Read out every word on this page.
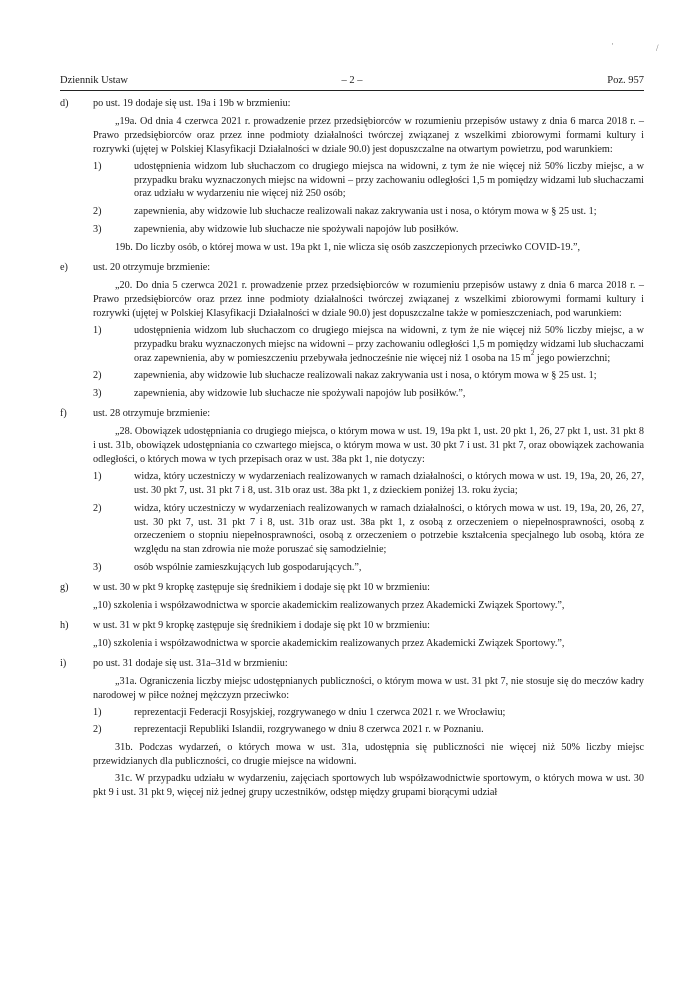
·	/
Dziennik Ustaw	– 2 –	Poz. 957
d) po ust. 19 dodaje się ust. 19a i 19b w brzmieniu:
„19a. Od dnia 4 czerwca 2021 r. prowadzenie przez przedsiębiorców w rozumieniu przepisów ustawy z dnia 6 marca 2018 r. – Prawo przedsiębiorców oraz przez inne podmioty działalności twórczej związanej z wszelkimi zbiorowymi formami kultury i rozrywki (ujętej w Polskiej Klasyfikacji Działalności w dziale 90.0) jest dopuszczalne na otwartym powietrzu, pod warunkiem:
1)	udostępnienia widzom lub słuchaczom co drugiego miejsca na widowni, z tym że nie więcej niż 50% liczby miejsc, a w przypadku braku wyznaczonych miejsc na widowni – przy zachowaniu odległości 1,5 m pomiędzy widzami lub słuchaczami oraz udziału w wydarzeniu nie więcej niż 250 osób;
2)	zapewnienia, aby widzowie lub słuchacze realizowali nakaz zakrywania ust i nosa, o którym mowa w § 25 ust. 1;
3)	zapewnienia, aby widzowie lub słuchacze nie spożywali napojów lub posiłków.
19b. Do liczby osób, o której mowa w ust. 19a pkt 1, nie wlicza się osób zaszczepionych przeciwko COVID-19.”,
e) ust. 20 otrzymuje brzmienie:
„20. Do dnia 5 czerwca 2021 r. prowadzenie przez przedsiębiorców w rozumieniu przepisów ustawy z dnia 6 marca 2018 r. – Prawo przedsiębiorców oraz przez inne podmioty działalności twórczej związanej z wszelkimi zbiorowymi formami kultury i rozrywki (ujętej w Polskiej Klasyfikacji Działalności w dziale 90.0) jest dopuszczalne także w pomieszczeniach, pod warunkiem:
1)	udostępnienia widzom lub słuchaczom co drugiego miejsca na widowni, z tym że nie więcej niż 50% liczby miejsc, a w przypadku braku wyznaczonych miejsc na widowni – przy zachowaniu odległości 1,5 m pomiędzy widzami lub słuchaczami oraz zapewnienia, aby w pomieszczeniu przebywała jednocześnie nie więcej niż 1 osoba na 15 $m^2$ jego powierzchni;
2)	zapewnienia, aby widzowie lub słuchacze realizowali nakaz zakrywania ust i nosa, o którym mowa w § 25 ust. 1;
3)	zapewnienia, aby widzowie lub słuchacze nie spożywali napojów lub posiłków.”,
f)	ust. 28 otrzymuje brzmienie:
„28. Obowiązek udostępniania co drugiego miejsca, o którym mowa w ust. 19, 19a pkt 1, ust. 20 pkt 1, 26, 27 pkt 1, ust. 31 pkt 8 i ust. 31b, obowiązek udostępniania co czwartego miejsca, o którym mowa w ust. 30 pkt 7 i ust. 31 pkt 7, oraz obowiązek zachowania odległości, o których mowa w tych przepisach oraz w ust. 38a pkt 1, nie dotyczy:
1)	widza, który uczestniczy w wydarzeniach realizowanych w ramach działalności, o których mowa w ust. 19, 19a, 20, 26, 27, ust. 30 pkt 7, ust. 31 pkt 7 i 8, ust. 31b oraz ust. 38a pkt 1, z dzieckiem poniżej 13. roku życia;
2)	widza, który uczestniczy w wydarzeniach realizowanych w ramach działalności, o których mowa w ust. 19, 19a, 20, 26, 27, ust. 30 pkt 7, ust. 31 pkt 7 i 8, ust. 31b oraz ust. 38a pkt 1, z osobą z orzeczeniem o niepełnosprawności, osobą z orzeczeniem o stopniu niepełnosprawności, osobą z orzeczeniem o potrzebie kształcenia specjalnego lub osobą, która ze względu na stan zdrowia nie może poruszać się samodzielnie;
3)	osób wspólnie zamieszkujących lub gospodarujących.”,
g) w ust. 30 w pkt 9 kropkę zastępuje się średnikiem i dodaje się pkt 10 w brzmieniu:
„10) szkolenia i współzawodnictwa w sporcie akademickim realizowanych przez Akademicki Związek Sportowy.”,
h) w ust. 31 w pkt 9 kropkę zastępuje się średnikiem i dodaje się pkt 10 w brzmieniu:
„10) szkolenia i współzawodnictwa w sporcie akademickim realizowanych przez Akademicki Związek Sportowy.”,
i)	po ust. 31 dodaje się ust. 31a–31d w brzmieniu:
„31a. Ograniczenia liczby miejsc udostępnianych publiczności, o którym mowa w ust. 31 pkt 7, nie stosuje się do meczów kadry narodowej w piłce nożnej mężczyzn przeciwko:
1)	reprezentacji Federacji Rosyjskiej, rozgrywanego w dniu 1 czerwca 2021 r. we Wrocławiu;
2)	reprezentacji Republiki Islandii, rozgrywanego w dniu 8 czerwca 2021 r. w Poznaniu.
31b. Podczas wydarzeń, o których mowa w ust. 31a, udostępnia się publiczności nie więcej niż 50% liczby miejsc przewidzianych dla publiczności, co drugie miejsce na widowni.
31c. W przypadku udziału w wydarzeniu, zajęciach sportowych lub współzawodnictwie sportowym, o których mowa w ust. 30 pkt 9 i ust. 31 pkt 9, więcej niż jednej grupy uczestników, odstęp między grupami biorącymi udział
